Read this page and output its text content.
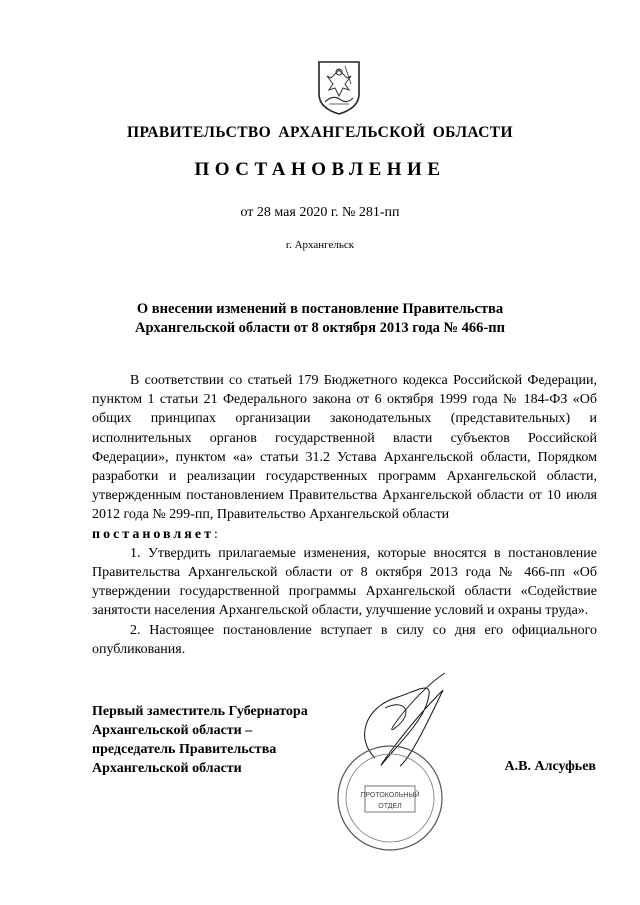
ПРАВИТЕЛЬСТВО АРХАНГЕЛЬСКОЙ ОБЛАСТИ
ПОСТАНОВЛЕНИЕ
от 28 мая 2020 г. № 281-пп
г. Архангельск
О внесении изменений в постановление Правительства
Архангельской области от 8 октября 2013 года № 466-пп

В соответствии со статьей 179 Бюджетного кодекса Российской Федерации, пунктом 1 статьи 21 Федерального закона от 6 октября 1999 года № 184-ФЗ «Об общих принципах организации законодательных (представительных) и исполнительных органов государственной власти субъектов Российской Федерации», пунктом «а» статьи 31.2 Устава Архангельской области, Порядком разработки и реализации государственных программ Архангельской области, утвержденным постановлением Правительства Архангельской области от 10 июля 2012 года № 299-пп, Правительство Архангельской области

постановляет:

1. Утвердить прилагаемые изменения, которые вносятся в постановление Правительства Архангельской области от 8 октября 2013 года № 466-пп «Об утверждении государственной программы Архангельской области «Содействие занятости населения Архангельской области, улучшение условий и охраны труда».

2. Настоящее постановление вступает в силу со дня его официального опубликования.

Первый заместитель Губернатора
Архангельской области –
председатель Правительства
Архангельской области
ПРОТОКОЛЬНЫЙ
ОТДЕЛ
А.В. Алсуфьев
